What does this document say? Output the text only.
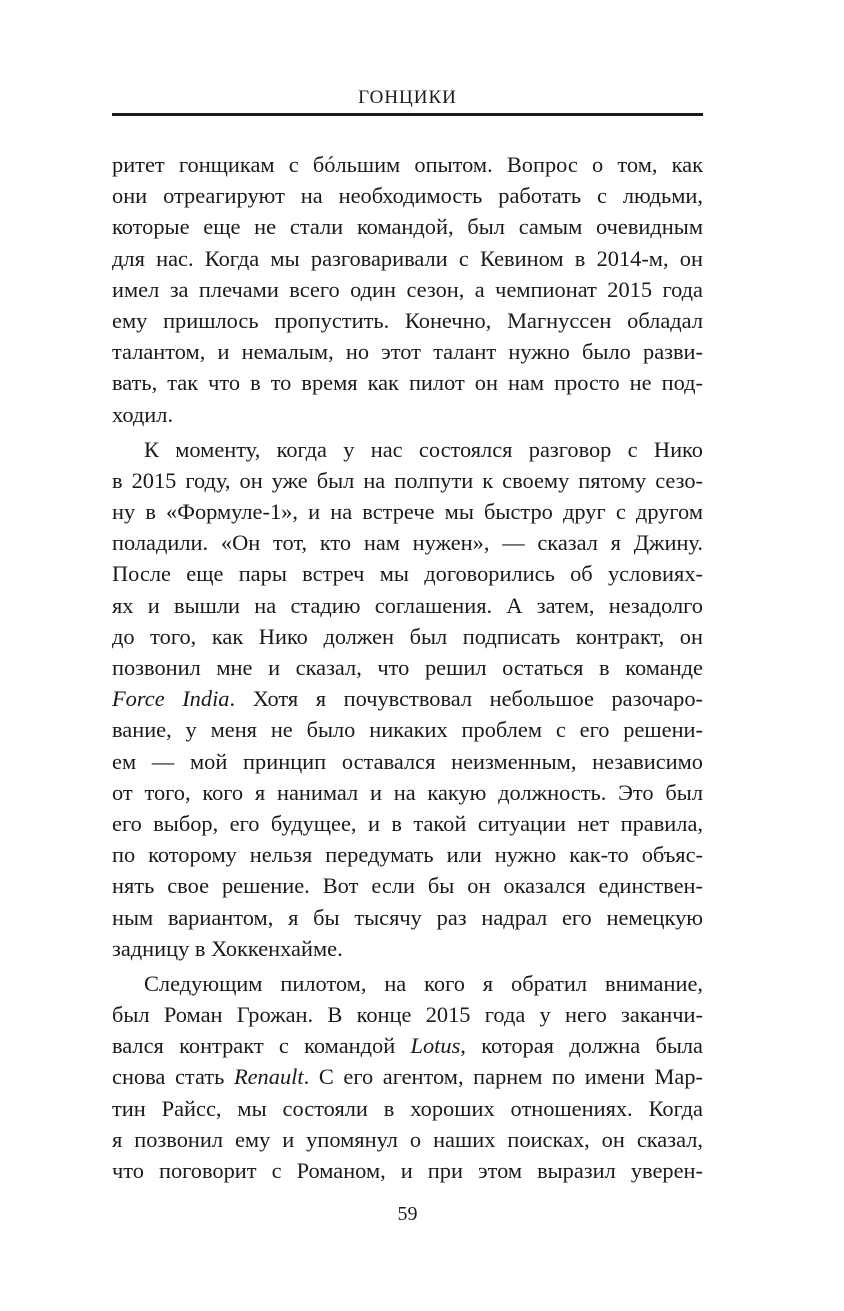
ГОНЦИКИ
ритет гонщикам с бóльшим опытом. Вопрос о том, как
они отреагируют на необходимость работать с людьми,
которые еще не стали командой, был самым очевидным
для нас. Когда мы разговаривали с Кевином в 2014-м, он
имел за плечами всего один сезон, а чемпионат 2015 года
ему пришлось пропустить. Конечно, Магнуссен обладал
талантом, и немалым, но этот талант нужно было разви-
вать, так что в то время как пилот он нам просто не под-
ходил.
К моменту, когда у нас состоялся разговор с Нико
в 2015 году, он уже был на полпути к своему пятому сезо-
ну в «Формуле-1», и на встрече мы быстро друг с другом
поладили. «Он тот, кто нам нужен», — сказал я Джину.
После еще пары встреч мы договорились об условиях-
ях и вышли на стадию соглашения. А затем, незадолго
до того, как Нико должен был подписать контракт, он
позвонил мне и сказал, что решил остаться в команде
Force India. Хотя я почувствовал небольшое разочаро-
вание, у меня не было никаких проблем с его решени-
ем — мой принцип оставался неизменным, независимо
от того, кого я нанимал и на какую должность. Это был
его выбор, его будущее, и в такой ситуации нет правила,
по которому нельзя передумать или нужно как-то объяс-
нять свое решение. Вот если бы он оказался единствен-
ным вариантом, я бы тысячу раз надрал его немецкую
задницу в Хоккенхайме.
Следующим пилотом, на кого я обратил внимание,
был Роман Грожан. В конце 2015 года у него заканчи-
вался контракт с командой Lotus, которая должна была
снова стать Renault. С его агентом, парнем по имени Мар-
тин Райсс, мы состояли в хороших отношениях. Когда
я позвонил ему и упомянул о наших поисках, он сказал,
что поговорит с Романом, и при этом выразил уверен-
59
